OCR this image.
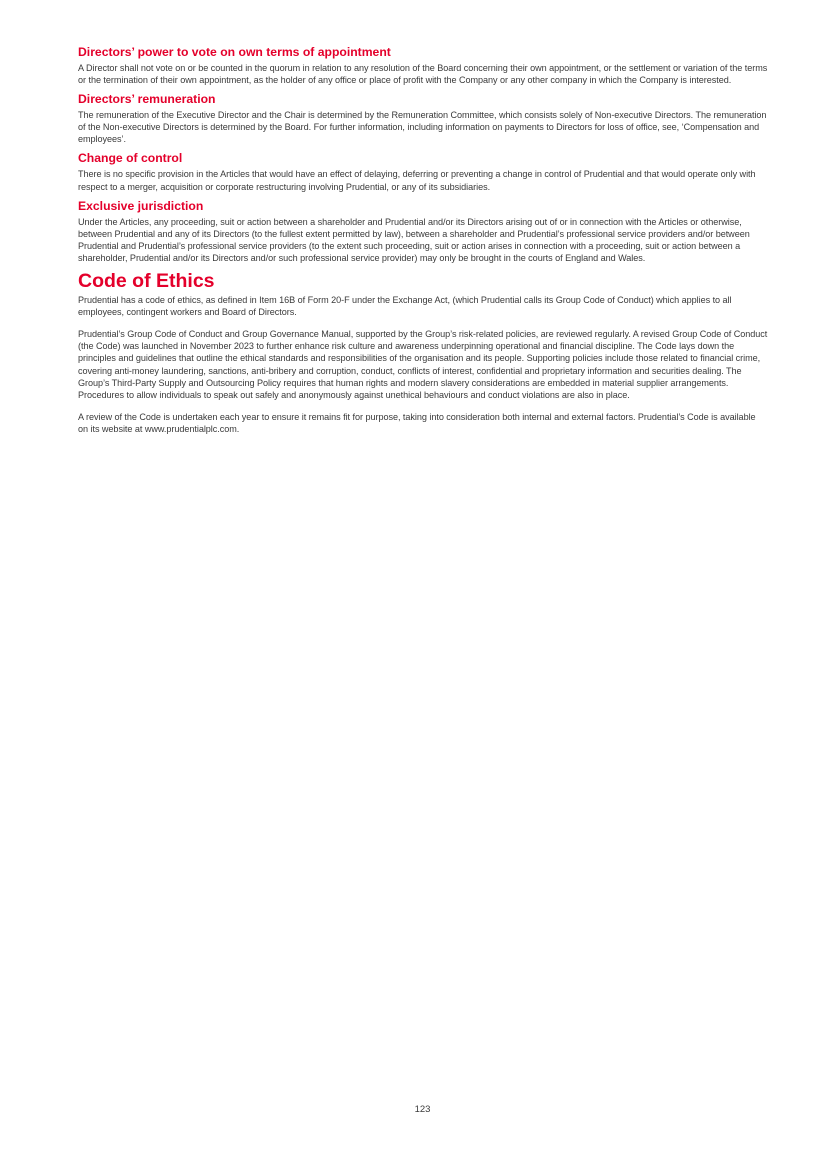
Directors’ power to vote on own terms of appointment

A Director shall not vote on or be counted in the quorum in relation to any resolution of the Board concerning their own appointment, or the settlement or variation of the terms or the termination of their own appointment, as the holder of any office or place of profit with the Company or any other company in which the Company is interested.

Directors’ remuneration

The remuneration of the Executive Director and the Chair is determined by the Remuneration Committee, which consists solely of Non-executive Directors. The remuneration of the Non-executive Directors is determined by the Board. For further information, including information on payments to Directors for loss of office, see, ‘Compensation and employees’.

Change of control

There is no specific provision in the Articles that would have an effect of delaying, deferring or preventing a change in control of Prudential and that would operate only with respect to a merger, acquisition or corporate restructuring involving Prudential, or any of its subsidiaries.

Exclusive jurisdiction

Under the Articles, any proceeding, suit or action between a shareholder and Prudential and/or its Directors arising out of or in connection with the Articles or otherwise, between Prudential and any of its Directors (to the fullest extent permitted by law), between a shareholder and Prudential’s professional service providers and/or between Prudential and Prudential’s professional service providers (to the extent such proceeding, suit or action arises in connection with a proceeding, suit or action between a shareholder, Prudential and/or its Directors and/or such professional service provider) may only be brought in the courts of England and Wales.

Code of Ethics

Prudential has a code of ethics, as defined in Item 16B of Form 20-F under the Exchange Act, (which Prudential calls its Group Code of Conduct) which applies to all employees, contingent workers and Board of Directors.

Prudential’s Group Code of Conduct and Group Governance Manual, supported by the Group’s risk-related policies, are reviewed regularly. A revised Group Code of Conduct (the Code) was launched in November 2023 to further enhance risk culture and awareness underpinning operational and financial discipline. The Code lays down the principles and guidelines that outline the ethical standards and responsibilities of the organisation and its people. Supporting policies include those related to financial crime, covering anti-money laundering, sanctions, anti-bribery and corruption, conduct, conflicts of interest, confidential and proprietary information and securities dealing. The Group’s Third-Party Supply and Outsourcing Policy requires that human rights and modern slavery considerations are embedded in material supplier arrangements. Procedures to allow individuals to speak out safely and anonymously against unethical behaviours and conduct violations are also in place.

A review of the Code is undertaken each year to ensure it remains fit for purpose, taking into consideration both internal and external factors. Prudential’s Code is available on its website at www.prudentialplc.com.

123
